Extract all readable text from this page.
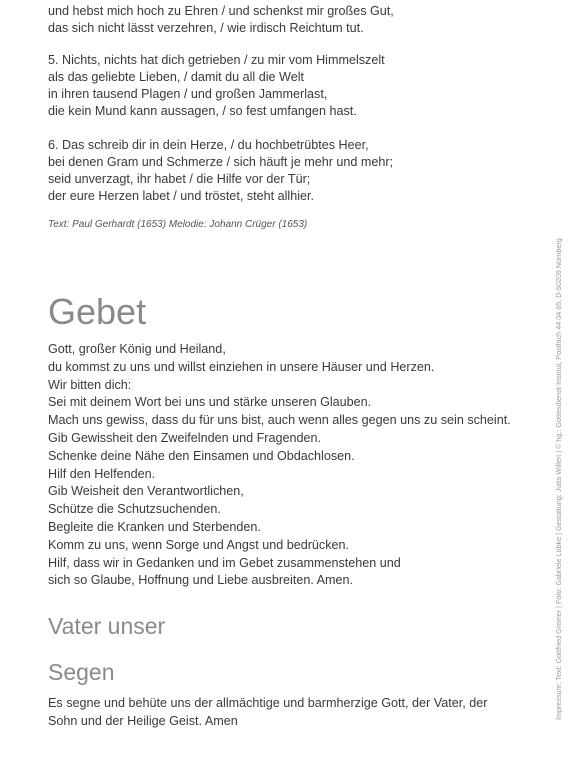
und hebst mich hoch zu Ehren / und schenkst mir großes Gut,
das sich nicht lässt verzehren, / wie irdisch Reichtum tut.
5. Nichts, nichts hat dich getrieben / zu mir vom Himmelszelt
als das geliebte Lieben, / damit du all die Welt
in ihren tausend Plagen / und großen Jammerlast,
die kein Mund kann aussagen, / so fest umfangen hast.
6. Das schreib dir in dein Herze, / du hochbetrübtes Heer,
bei denen Gram und Schmerze / sich häuft je mehr und mehr;
seid unverzagt, ihr habet / die Hilfe vor der Tür;
der eure Herzen labet / und tröstet, steht allhier.
Text: Paul Gerhardt (1653) Melodie: Johann Crüger (1653)
Gebet
Gott, großer König und Heiland,
du kommst zu uns und willst einziehen in unsere Häuser und Herzen.
Wir bitten dich:
Sei mit deinem Wort bei uns und stärke unseren Glauben.
Mach uns gewiss, dass du für uns bist, auch wenn alles gegen uns zu sein scheint.
Gib Gewissheit den Zweifelnden und Fragenden.
Schenke deine Nähe den Einsamen und Obdachlosen.
Hilf den Helfenden.
Gib Weisheit den Verantwortlichen,
Schütze die Schutzsuchenden.
Begleite die Kranken und Sterbenden.
Komm zu uns, wenn Sorge und Angst und bedrücken.
Hilf, dass wir in Gedanken und im Gebet zusammenstehen und
sich so Glaube, Hoffnung und Liebe ausbreiten. Amen.
Vater unser
Segen
Es segne und behüte uns der allmächtige und barmherzige Gott, der Vater, der
Sohn und der Heilige Geist. Amen
Impressum: Text: Gottfried Greiner | Foto: Gabriele Lübke | Gestaltung: Jutta Willert | © hg.: Gottesdienst-Institut, Postfach 44 04 65, D-90209 Nürnberg
